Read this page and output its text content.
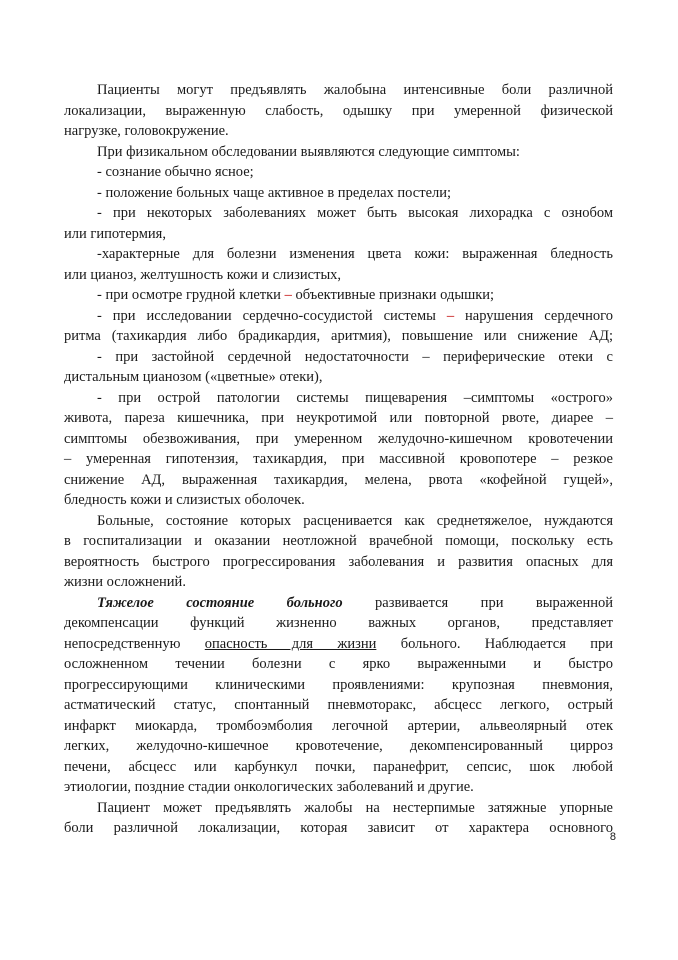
Пациенты могут предъявлять жалобына интенсивные боли различной
локализации, выраженную слабость, одышку при умеренной физической
нагрузке, головокружение.
При физикальном обследовании выявляются следующие симптомы:
- сознание обычно ясное;
- положение больных чаще активное в пределах постели;
- при некоторых заболеваниях может быть высокая лихорадка с ознобом
или гипотермия,
-характерные для болезни изменения цвета кожи: выраженная бледность
или цианоз, желтушность кожи и слизистых,
- при осмотре грудной клетки – объективные признаки одышки;
- при исследовании сердечно-сосудистой системы – нарушения сердечного
ритма (тахикардия либо брадикардия, аритмия), повышение или снижение АД;
- при застойной сердечной недостаточности – периферические отеки с
дистальным цианозом («цветные» отеки),
- при острой патологии системы пищеварения –симптомы «острого»
живота, пареза кишечника, при неукротимой или повторной рвоте, диарее –
симптомы обезвоживания, при умеренном желудочно-кишечном кровотечении
– умеренная гипотензия, тахикардия, при массивной кровопотере – резкое
снижение АД, выраженная тахикардия, мелена, рвота «кофейной гущей»,
бледность кожи и слизистых оболочек.
Больные, состояние которых расценивается как среднетяжелое, нуждаются
в госпитализации и оказании неотложной врачебной помощи, поскольку есть
вероятность быстрого прогрессирования заболевания и развития опасных для
жизни осложнений.
Тяжелое состояние больного развивается при выраженной
декомпенсации функций жизненно важных органов, представляет
непосредственную опасность для жизни больного. Наблюдается при
осложненном течении болезни с ярко выраженными и быстро
прогрессирующими клиническими проявлениями: крупозная пневмония,
астматический статус, спонтанный пневмоторакс, абсцесс легкого, острый
инфаркт миокарда, тромбоэмболия легочной артерии, альвеолярный отек
легких, желудочно-кишечное кровотечение, декомпенсированный цирроз
печени, абсцесс или карбункул почки, паранефрит, сепсис, шок любой
этиологии, поздние стадии онкологических заболеваний и другие.
Пациент может предъявлять жалобы на нестерпимые затяжные упорные
боли различной локализации, которая зависит от характера основного
8
